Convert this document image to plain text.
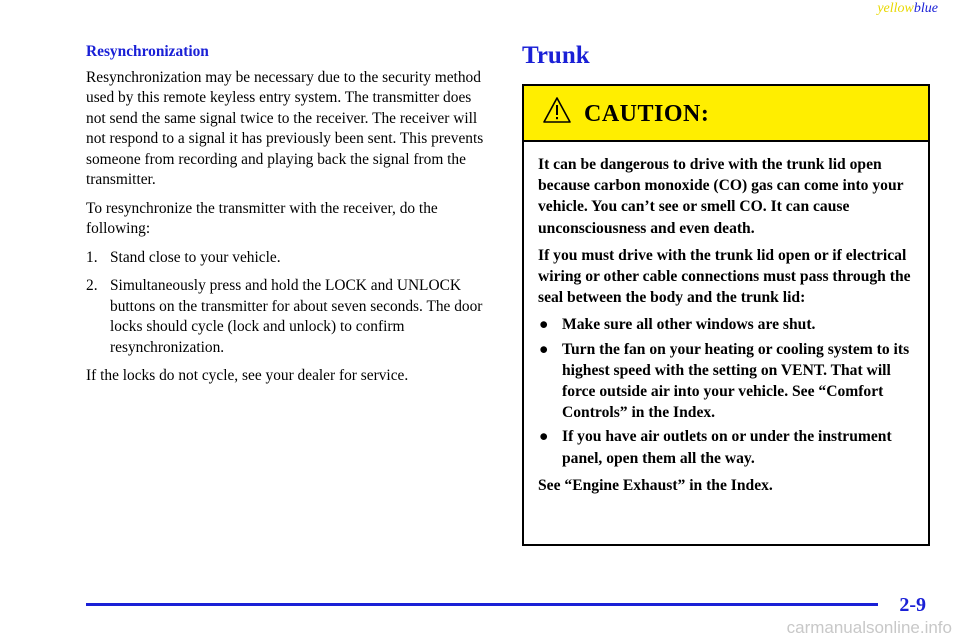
yellowblue
Resynchronization

Resynchronization may be necessary due to the security method used by this remote keyless entry system. The transmitter does not send the same signal twice to the receiver. The receiver will not respond to a signal it has previously been sent. This prevents someone from recording and playing back the signal from the transmitter.

To resynchronize the transmitter with the receiver, do the following:

1. Stand close to your vehicle.
2. Simultaneously press and hold the LOCK and UNLOCK buttons on the transmitter for about seven seconds. The door locks should cycle (lock and unlock) to confirm resynchronization.

If the locks do not cycle, see your dealer for service.

Trunk
CAUTION:

It can be dangerous to drive with the trunk lid open because carbon monoxide (CO) gas can come into your vehicle. You can’t see or smell CO. It can cause unconsciousness and even death.

If you must drive with the trunk lid open or if electrical wiring or other cable connections must pass through the seal between the body and the trunk lid:

● Make sure all other windows are shut.
● Turn the fan on your heating or cooling system to its highest speed with the setting on VENT. That will force outside air into your vehicle. See “Comfort Controls” in the Index.
● If you have air outlets on or under the instrument panel, open them all the way.

See “Engine Exhaust” in the Index.

2-9
carmanualsonline.info
